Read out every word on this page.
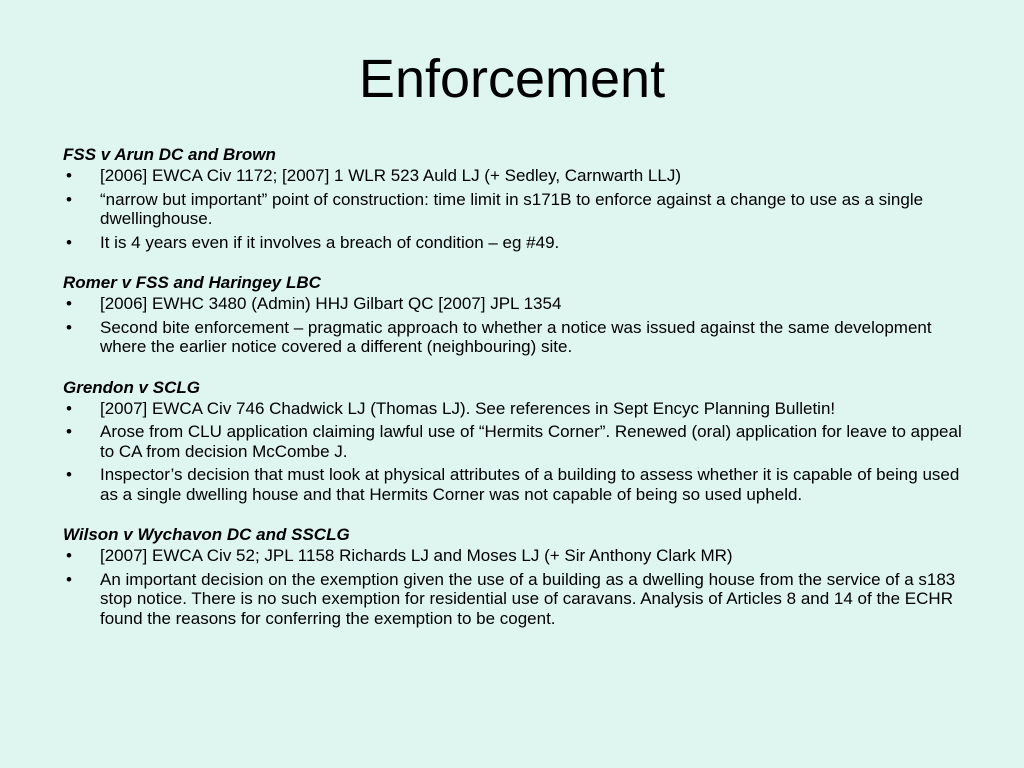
Enforcement

FSS v Arun DC and Brown

• [2006] EWCA Civ 1172; [2007] 1 WLR 523 Auld LJ (+ Sedley, Carnwarth LLJ)
• “narrow but important” point of construction: time limit in s171B to enforce against a change to use as a single dwellinghouse.
• It is 4 years even if it involves a breach of condition – eg #49.

Romer v FSS and Haringey LBC

• [2006] EWHC 3480 (Admin) HHJ Gilbart QC [2007] JPL 1354
• Second bite enforcement – pragmatic approach to whether a notice was issued against the same development where the earlier notice covered a different (neighbouring) site.

Grendon v SCLG

• [2007] EWCA Civ 746 Chadwick LJ (Thomas LJ). See references in Sept Encyc Planning Bulletin!
• Arose from CLU application claiming lawful use of “Hermits Corner”. Renewed (oral) application for leave to appeal to CA from decision McCombe J.
• Inspector’s decision that must look at physical attributes of a building to assess whether it is capable of being used as a single dwelling house and that Hermits Corner was not capable of being so used upheld.

Wilson v Wychavon DC and SSCLG

• [2007] EWCA Civ 52; JPL 1158 Richards LJ and Moses LJ (+ Sir Anthony Clark MR)
• An important decision on the exemption given the use of a building as a dwelling house from the service of a s183 stop notice. There is no such exemption for residential use of caravans. Analysis of Articles 8 and 14 of the ECHR found the reasons for conferring the exemption to be cogent.
